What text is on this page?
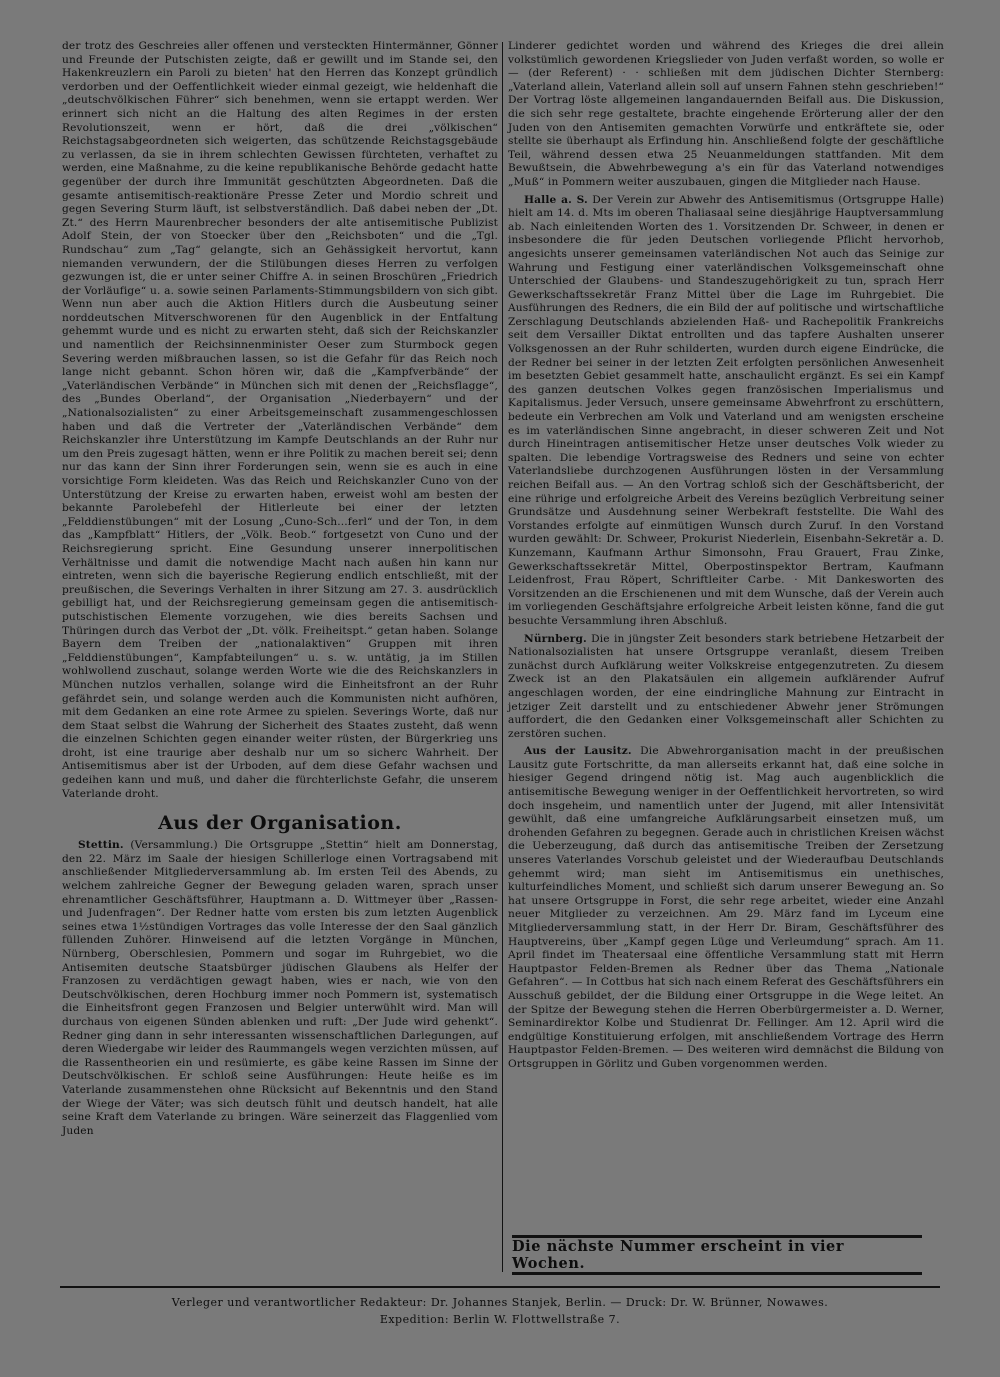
der trotz des Geschreies aller offenen und versteckten Hintermänner, Gönner und Freunde der Putschisten zeigte, daß er gewillt und im Stande sei, den Hakenkreuzlern ein Paroli zu bieten' hat den Herren das Konzept gründlich verdorben und der Oeffentlichkeit wieder einmal gezeigt, wie heldenhaft die „deutschvölkischen Führer“ sich benehmen, wenn sie ertappt werden. Wer erinnert sich nicht an die Haltung des alten Regimes in der ersten Revolutionszeit, wenn er hört, daß die drei „völkischen“ Reichstagsabgeordneten sich weigerten, das schützende Reichstagsgebäude zu verlassen, da sie in ihrem schlechten Gewissen fürchteten, verhaftet zu werden, eine Maßnahme, zu die keine republikanische Behörde gedacht hatte gegenüber der durch ihre Immunität geschützten Abgeordneten. Daß die gesamte antisemitisch-reaktionäre Presse Zeter und Mordio schreit und gegen Severing Sturm läuft, ist selbstverständlich. Daß dabei neben der „Dt. Zt.“ des Herrn Maurenbrecher besonders der alte antisemitische Publizist Adolf Stein, der von Stoecker über den „Reichsboten“ und die „Tgl. Rundschau“ zum „Tag“ gelangte, sich an Gehässigkeit hervortut, kann niemanden verwundern, der die Stilübungen dieses Herren zu verfolgen gezwungen ist, die er unter seiner Chiffre A. in seinen Broschüren „Friedrich der Vorläufige“ u. a. sowie seinen Parlaments-Stimmungsbildern von sich gibt. Wenn nun aber auch die Aktion Hitlers durch die Ausbeutung seiner norddeutschen Mitverschworenen für den Augenblick in der Entfaltung gehemmt wurde und es nicht zu erwarten steht, daß sich der Reichskanzler und namentlich der Reichsinnenminister Oeser zum Sturmbock gegen Severing werden mißbrauchen lassen, so ist die Gefahr für das Reich noch lange nicht gebannt. Schon hören wir, daß die „Kampfverbände“ der „Vaterländischen Verbände“ in München sich mit denen der „Reichsflagge“, des „Bundes Oberland“, der Organisation „Niederbayern“ und der „Nationalsozialisten“ zu einer Arbeitsgemeinschaft zusammengeschlossen haben und daß die Vertreter der „Vaterländischen Verbände“ dem Reichskanzler ihre Unterstützung im Kampfe Deutschlands an der Ruhr nur um den Preis zugesagt hätten, wenn er ihre Politik zu machen bereit sei; denn nur das kann der Sinn ihrer Forderungen sein, wenn sie es auch in eine vorsichtige Form kleideten. Was das Reich und Reichskanzler Cuno von der Unterstützung der Kreise zu erwarten haben, erweist wohl am besten der bekannte Parolebefehl der Hitlerleute bei einer der letzten „Felddienstübungen“ mit der Losung „Cuno-Sch...ferl“ und der Ton, in dem das „Kampfblatt“ Hitlers, der „Völk. Beob.“ fortgesetzt von Cuno und der Reichsregierung spricht. Eine Gesundung unserer innerpolitischen Verhältnisse und damit die notwendige Macht nach außen hin kann nur eintreten, wenn sich die bayerische Regierung endlich entschließt, mit der preußischen, die Severings Verhalten in ihrer Sitzung am 27. 3. ausdrücklich gebilligt hat, und der Reichsregierung gemeinsam gegen die antisemitisch-putschistischen Elemente vorzugehen, wie dies bereits Sachsen und Thüringen durch das Verbot der „Dt. völk. Freiheitspt.“ getan haben. Solange Bayern dem Treiben der „nationalaktiven“ Gruppen mit ihren „Felddienstübungen“, Kampfabteilungen“ u. s. w. untätig, ja im Stillen wohlwollend zuschaut, solange werden Worte wie die des Reichskanzlers in München nutzlos verhallen, solange wird die Einheitsfront an der Ruhr gefährdet sein, und solange werden auch die Kommunisten nicht aufhören, mit dem Gedanken an eine rote Armee zu spielen. Severings Worte, daß nur dem Staat selbst die Wahrung der Sicherheit des Staates zusteht, daß wenn die einzelnen Schichten gegen einander weiter rüsten, der Bürgerkrieg uns droht, ist eine traurige aber deshalb nur um so sicherc Wahrheit. Der Antisemitismus aber ist der Urboden, auf dem diese Gefahr wachsen und gedeihen kann und muß, und daher die fürchterlichste Gefahr, die unserem Vaterlande droht.

Aus der Organisation.

Stettin. (Versammlung.) Die Ortsgruppe „Stettin“ hielt am Donnerstag, den 22. März im Saale der hiesigen Schillerloge einen Vortragsabend mit anschließender Mitgliederversammlung ab. Im ersten Teil des Abends, zu welchem zahlreiche Gegner der Bewegung geladen waren, sprach unser ehrenamtlicher Geschäftsführer, Hauptmann a. D. Wittmeyer über „Rassen- und Judenfragen“. Der Redner hatte vom ersten bis zum letzten Augenblick seines etwa 1½stündigen Vortrages das volle Interesse der den Saal gänzlich füllenden Zuhörer. Hinweisend auf die letzten Vorgänge in München, Nürnberg, Oberschlesien, Pommern und sogar im Ruhrgebiet, wo die Antisemiten deutsche Staatsbürger jüdischen Glaubens als Helfer der Franzosen zu verdächtigen gewagt haben, wies er nach, wie von den Deutschvölkischen, deren Hochburg immer noch Pommern ist, systematisch die Einheitsfront gegen Franzosen und Belgier unterwühlt wird. Man will durchaus von eigenen Sünden ablenken und ruft: „Der Jude wird gehenkt“. Redner ging dann in sehr interessanten wissenschaftlichen Darlegungen, auf deren Wiedergabe wir leider des Raummangels wegen verzichten müssen, auf die Rassentheorien ein und resümierte, es gäbe keine Rassen im Sinne der Deutschvölkischen. Er schloß seine Ausführungen: Heute heiße es im Vaterlande zusammenstehen ohne Rücksicht auf Bekenntnis und den Stand der Wiege der Väter; was sich deutsch fühlt und deutsch handelt, hat alle seine Kraft dem Vaterlande zu bringen. Wäre seinerzeit das Flaggenlied vom Juden

Linderer gedichtet worden und während des Krieges die drei allein volkstümlich gewordenen Kriegslieder von Juden verfaßt worden, so wolle er — (der Referent) · · schließen mit dem jüdischen Dichter Sternberg: „Vaterland allein, Vaterland allein soll auf unsern Fahnen stehn geschrieben!“ Der Vortrag löste allgemeinen langandauernden Beifall aus. Die Diskussion, die sich sehr rege gestaltete, brachte eingehende Erörterung aller der den Juden von den Antisemiten gemachten Vorwürfe und entkräftete sie, oder stellte sie überhaupt als Erfindung hin. Anschließend folgte der geschäftliche Teil, während dessen etwa 25 Neuanmeldungen stattfanden. Mit dem Bewußtsein, die Abwehrbewegung a's ein für das Vaterland notwendiges „Muß“ in Pommern weiter auszubauen, gingen die Mitglieder nach Hause.

Halle a. S. Der Verein zur Abwehr des Antisemitismus (Ortsgruppe Halle) hielt am 14. d. Mts im oberen Thaliasaal seine diesjährige Hauptversammlung ab. Nach einleitenden Worten des 1. Vorsitzenden Dr. Schweer, in denen er insbesondere die für jeden Deutschen vorliegende Pflicht hervorhob, angesichts unserer gemeinsamen vaterländischen Not auch das Seinige zur Wahrung und Festigung einer vaterländischen Volksgemeinschaft ohne Unterschied der Glaubens- und Standeszugehörigkeit zu tun, sprach Herr Gewerkschaftssekretär Franz Mittel über die Lage im Ruhrgebiet. Die Ausführungen des Redners, die ein Bild der auf politische und wirtschaftliche Zerschlagung Deutschlands abzielenden Haß- und Rachepolitik Frankreichs seit dem Versailler Diktat entrollten und das tapfere Aushalten unserer Volksgenossen an der Ruhr schilderten, wurden durch eigene Eindrücke, die der Redner bei seiner in der letzten Zeit erfolgten persönlichen Anwesenheit im besetzten Gebiet gesammelt hatte, anschaulicht ergänzt. Es sei ein Kampf des ganzen deutschen Volkes gegen französischen Imperialismus und Kapitalismus. Jeder Versuch, unsere gemeinsame Abwehrfront zu erschüttern, bedeute ein Verbrechen am Volk und Vaterland und am wenigsten erscheine es im vaterländischen Sinne angebracht, in dieser schweren Zeit und Not durch Hineintragen antisemitischer Hetze unser deutsches Volk wieder zu spalten. Die lebendige Vortragsweise des Redners und seine von echter Vaterlandsliebe durchzogenen Ausführungen lösten in der Versammlung reichen Beifall aus. — An den Vortrag schloß sich der Geschäftsbericht, der eine rührige und erfolgreiche Arbeit des Vereins bezüglich Verbreitung seiner Grundsätze und Ausdehnung seiner Werbekraft feststellte. Die Wahl des Vorstandes erfolgte auf einmütigen Wunsch durch Zuruf. In den Vorstand wurden gewählt: Dr. Schweer, Prokurist Niederlein, Eisenbahn-Sekretär a. D. Kunzemann, Kaufmann Arthur Simonsohn, Frau Grauert, Frau Zinke, Gewerkschaftssekretär Mittel, Oberpostinspektor Bertram, Kaufmann Leidenfrost, Frau Röpert, Schriftleiter Carbe. · Mit Dankesworten des Vorsitzenden an die Erschienenen und mit dem Wunsche, daß der Verein auch im vorliegenden Geschäftsjahre erfolgreiche Arbeit leisten könne, fand die gut besuchte Versammlung ihren Abschluß.

Nürnberg. Die in jüngster Zeit besonders stark betriebene Hetzarbeit der Nationalsozialisten hat unsere Ortsgruppe veranlaßt, diesem Treiben zunächst durch Aufklärung weiter Volkskreise entgegenzutreten. Zu diesem Zweck ist an den Plakatsäulen ein allgemein aufklärender Aufruf angeschlagen worden, der eine eindringliche Mahnung zur Eintracht in jetziger Zeit darstellt und zu entschiedener Abwehr jener Strömungen auffordert, die den Gedanken einer Volksgemeinschaft aller Schichten zu zerstören suchen.

Aus der Lausitz. Die Abwehrorganisation macht in der preußischen Lausitz gute Fortschritte, da man allerseits erkannt hat, daß eine solche in hiesiger Gegend dringend nötig ist. Mag auch augenblicklich die antisemitische Bewegung weniger in der Oeffentlichkeit hervortreten, so wird doch insgeheim, und namentlich unter der Jugend, mit aller Intensivität gewühlt, daß eine umfangreiche Aufklärungsarbeit einsetzen muß, um drohenden Gefahren zu begegnen. Gerade auch in christlichen Kreisen wächst die Ueberzeugung, daß durch das antisemitische Treiben der Zersetzung unseres Vaterlandes Vorschub geleistet und der Wiederaufbau Deutschlands gehemmt wird; man sieht im Antisemitismus ein unethisches, kulturfeindliches Moment, und schließt sich darum unserer Bewegung an. So hat unsere Ortsgruppe in Forst, die sehr rege arbeitet, wieder eine Anzahl neuer Mitglieder zu verzeichnen. Am 29. März fand im Lyceum eine Mitgliederversammlung statt, in der Herr Dr. Biram, Geschäftsführer des Hauptvereins, über „Kampf gegen Lüge und Verleumdung“ sprach. Am 11. April findet im Theatersaal eine öffentliche Versammlung statt mit Herrn Hauptpastor Felden-Bremen als Redner über das Thema „Nationale Gefahren“. — In Cottbus hat sich nach einem Referat des Geschäftsführers ein Ausschuß gebildet, der die Bildung einer Ortsgruppe in die Wege leitet. An der Spitze der Bewegung stehen die Herren Oberbürgermeister a. D. Werner, Seminardirektor Kolbe und Studienrat Dr. Fellinger. Am 12. April wird die endgültige Konstituierung erfolgen, mit anschließendem Vortrage des Herrn Hauptpastor Felden-Bremen. — Des weiteren wird demnächst die Bildung von Ortsgruppen in Görlitz und Guben vorgenommen werden.

Die nächste Nummer erscheint in vier Wochen.
Verleger und verantwortlicher Redakteur: Dr. Johannes Stanjek, Berlin. — Druck: Dr. W. Brünner, Nowawes.
Expedition: Berlin W. Flottwellstraße 7.
